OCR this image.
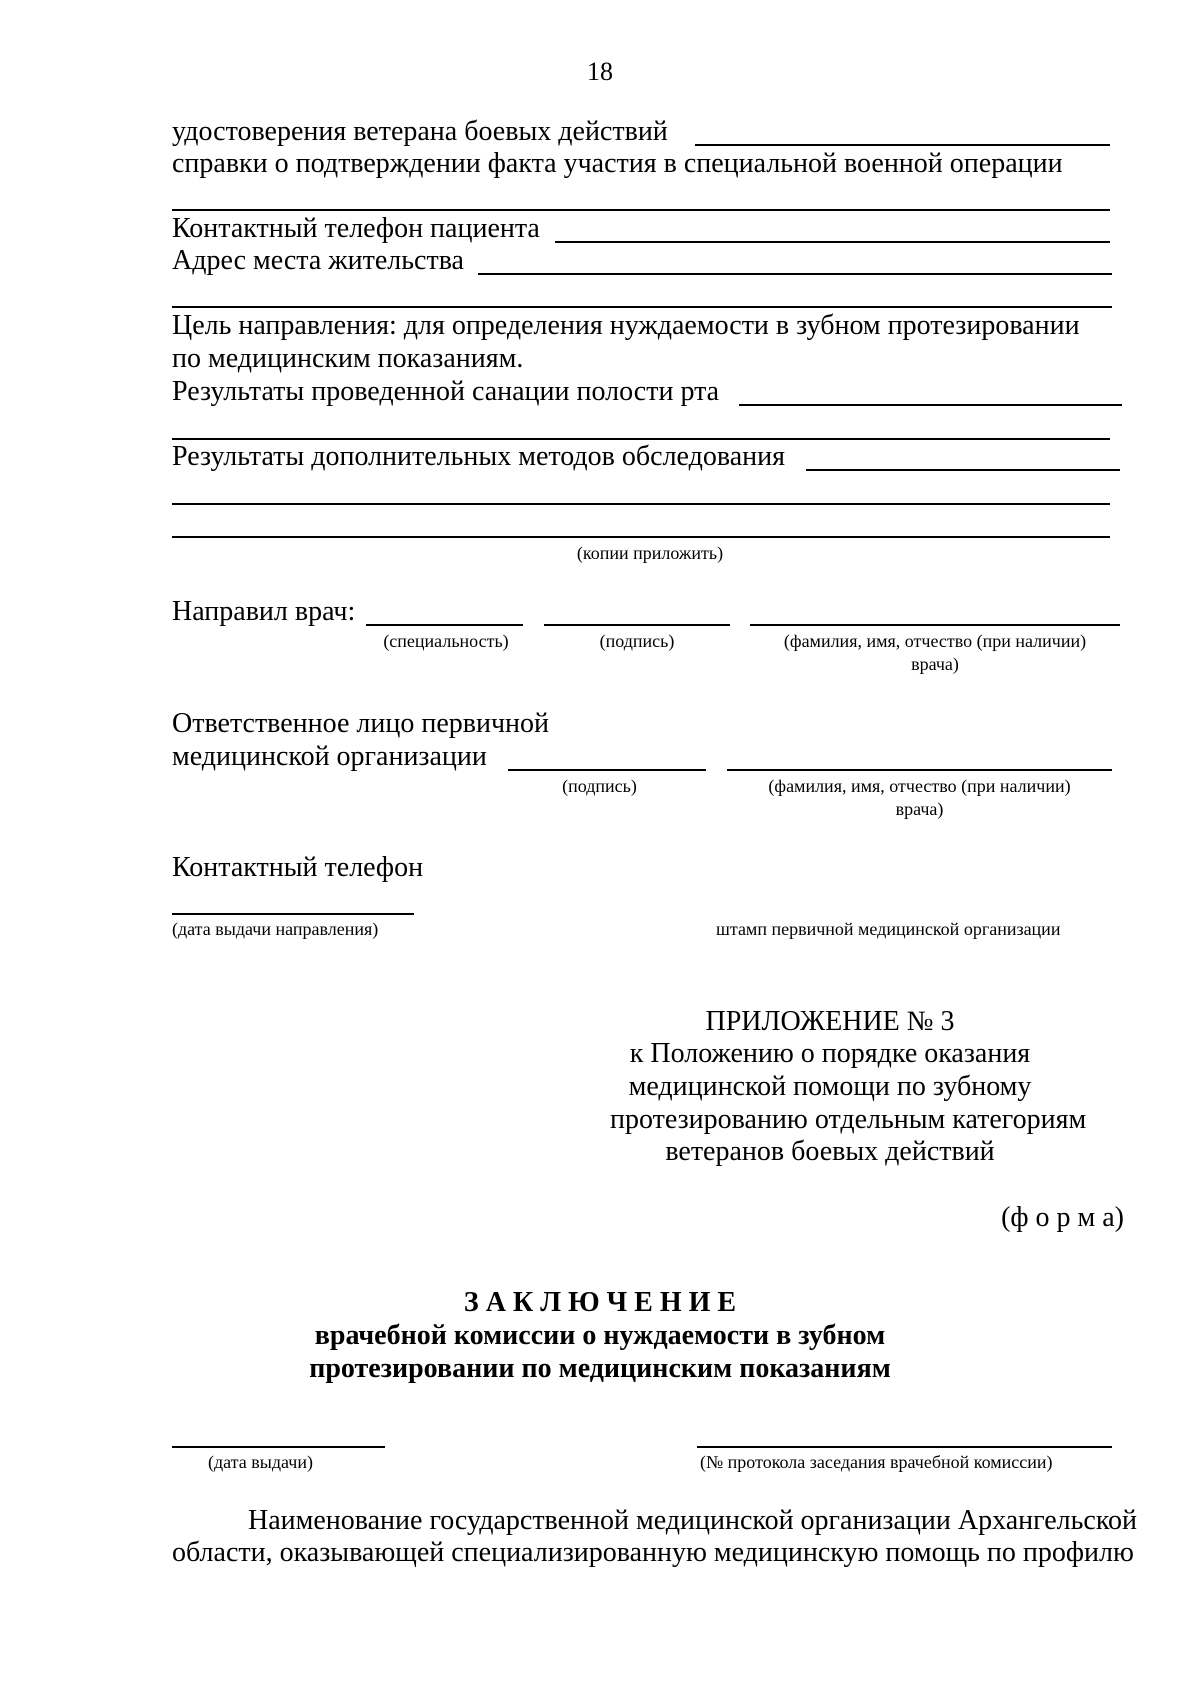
18
удостоверения ветерана боевых действий
справки о подтверждении факта участия в специальной военной операции
Контактный телефон пациента
Адрес места жительства
Цель направления: для определения нуждаемости в зубном протезировании
по медицинским показаниям.
Результаты проведенной санации полости рта
Результаты дополнительных методов обследования
(копии приложить)
Направил врач:
(специальность)	(подпись)	(фамилия, имя, отчество (при наличии)
врача)
Ответственное лицо первичной
медицинской организации
(подпись)	(фамилия, имя, отчество (при наличии)
врача)
Контактный телефон
(дата выдачи направления)	штамп первичной медицинской организации
ПРИЛОЖЕНИЕ № 3
к Положению о порядке оказания
медицинской помощи по зубному
протезированию отдельным категориям
ветеранов боевых действий
(ф о р м а)
З А К Л Ю Ч Е Н И Е
врачебной комиссии о нуждаемости в зубном
протезировании по медицинским показаниям
(дата выдачи)	(№ протокола заседания врачебной комиссии)
Наименование государственной медицинской организации Архангельской
области, оказывающей специализированную медицинскую помощь по профилю
